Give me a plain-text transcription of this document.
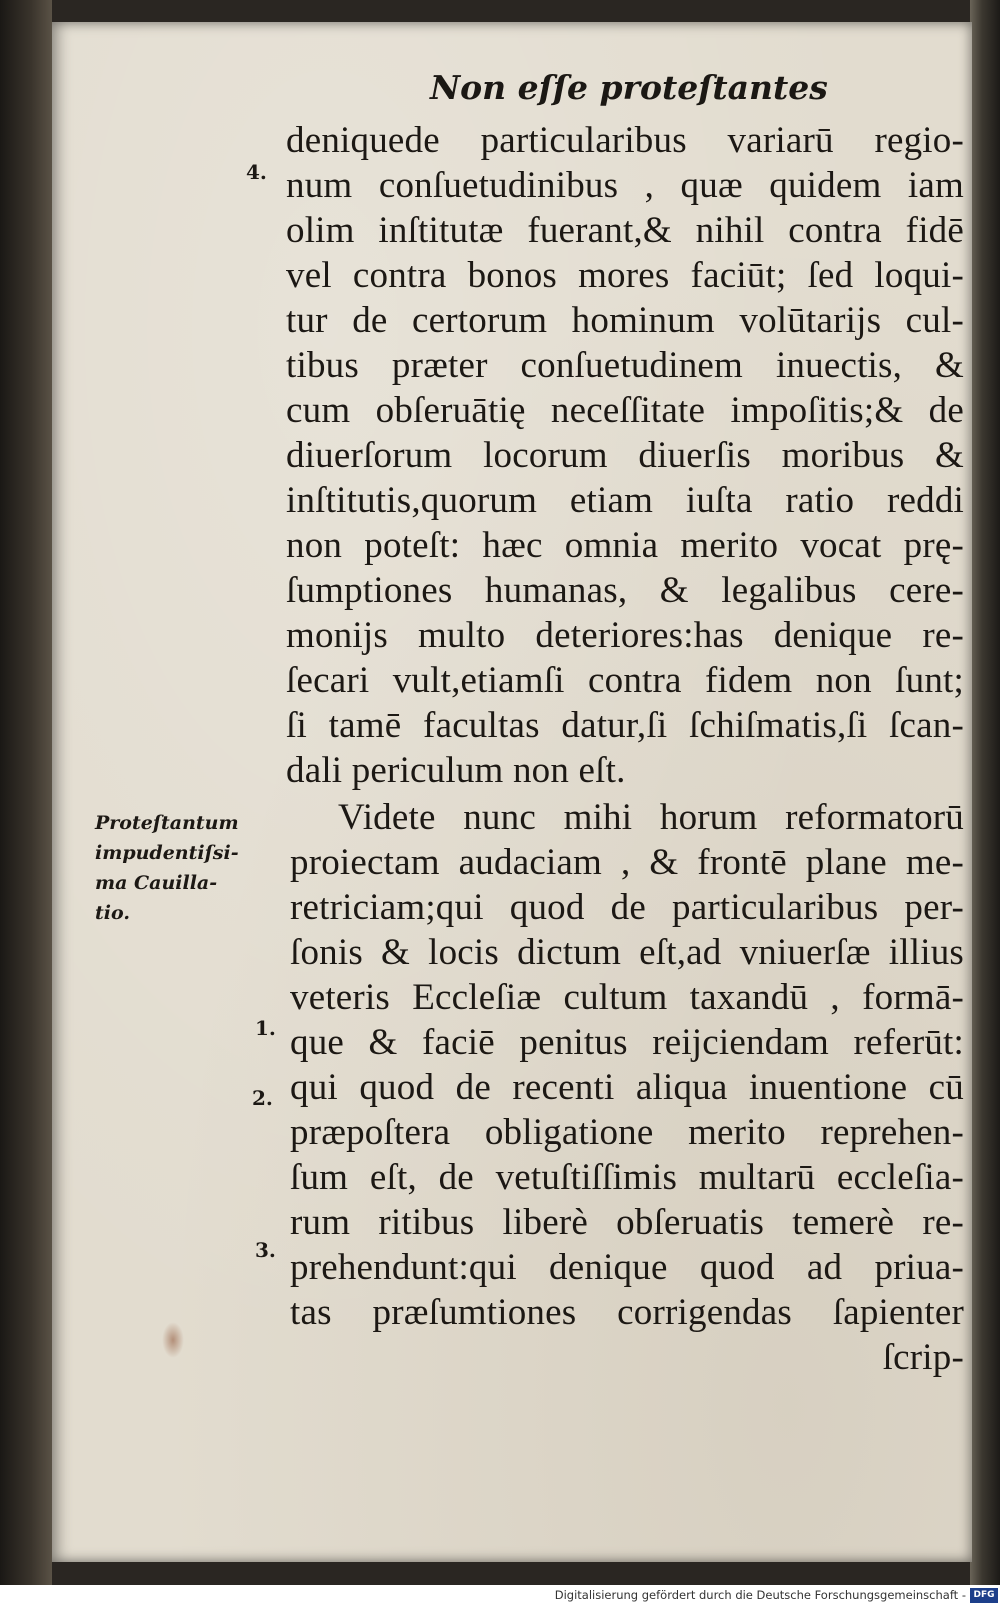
Non eſſe proteſtantes
4.
1.
2.
3.
Proteſtantum
impudentiſsi-
ma Cauilla-
tio.
deniquede particularibus variarū regio-
num conſuetudinibus , quæ quidem iam
olim inſtitutæ fuerant,& nihil contra fidē
vel contra bonos mores faciūt; ſed loqui-
tur de certorum hominum volūtarijs cul-
tibus præter conſuetudinem inuectis, &
cum obſeruātię neceſſitate impoſitis;& de
diuerſorum locorum diuerſis moribus &
inſtitutis,quorum etiam iuſta ratio reddi
non poteſt: hæc omnia merito vocat prę-
ſumptiones humanas, & legalibus cere-
monijs multo deteriores:has denique re-
ſecari vult,etiamſi contra fidem non ſunt;
ſi tamē facultas datur,ſi ſchiſmatis,ſi ſcan-
dali periculum non eſt.
Videte nunc mihi horum reformatorū
proiectam audaciam , & frontē plane me-
retriciam;qui quod de particularibus per-
ſonis & locis dictum eſt,ad vniuerſæ illius
veteris Eccleſiæ cultum taxandū , formā-
que & faciē penitus reijciendam referūt:
qui quod de recenti aliqua inuentione cū
præpoſtera obligatione merito reprehen-
ſum eſt, de vetuſtiſſimis multarū eccleſia-
rum ritibus liberè obſeruatis temerè re-
prehendunt:qui denique quod ad priua-
tas præſumtiones corrigendas ſapienter
ſcrip-
Digitalisierung gefördert durch die Deutsche Forschungsgemeinschaft - DFG
